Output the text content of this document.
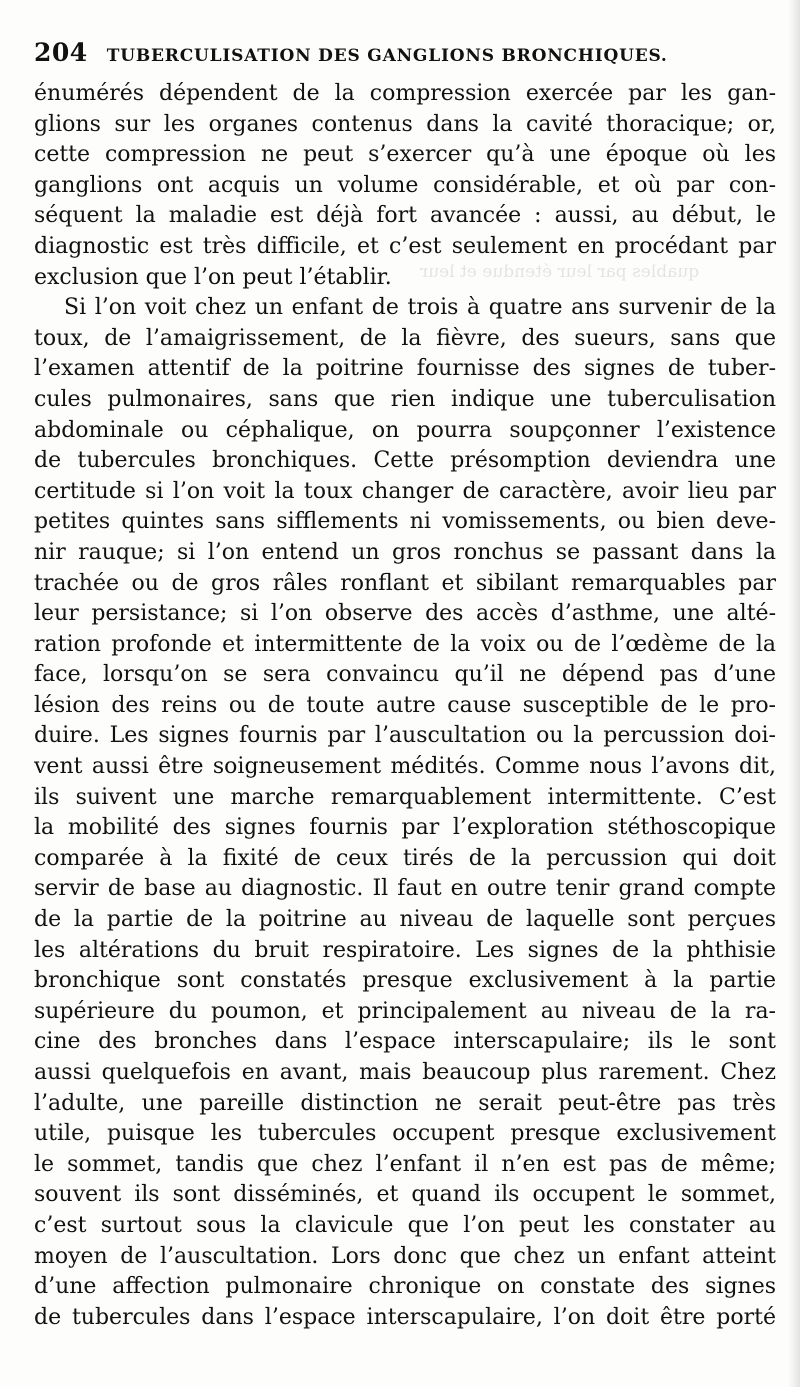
204 TUBERCULISATION DES GANGLIONS BRONCHIQUES.
quables par leur étendue et leur
énumérés dépendent de la compression exercée par les gan-
glions sur les organes contenus dans la cavité thoracique; or,
cette compression ne peut s’exercer qu’à une époque où les
ganglions ont acquis un volume considérable, et où par con-
séquent la maladie est déjà fort avancée : aussi, au début, le
diagnostic est très difficile, et c’est seulement en procédant par
exclusion que l’on peut l’établir.
Si l’on voit chez un enfant de trois à quatre ans survenir de la
toux, de l’amaigrissement, de la fièvre, des sueurs, sans que
l’examen attentif de la poitrine fournisse des signes de tuber-
cules pulmonaires, sans que rien indique une tuberculisation
abdominale ou céphalique, on pourra soupçonner l’existence
de tubercules bronchiques. Cette présomption deviendra une
certitude si l’on voit la toux changer de caractère, avoir lieu par
petites quintes sans sifflements ni vomissements, ou bien deve-
nir rauque; si l’on entend un gros ronchus se passant dans la
trachée ou de gros râles ronflant et sibilant remarquables par
leur persistance; si l’on observe des accès d’asthme, une alté-
ration profonde et intermittente de la voix ou de l’œdème de la
face, lorsqu’on se sera convaincu qu’il ne dépend pas d’une
lésion des reins ou de toute autre cause susceptible de le pro-
duire. Les signes fournis par l’auscultation ou la percussion doi-
vent aussi être soigneusement médités. Comme nous l’avons dit,
ils suivent une marche remarquablement intermittente. C’est
la mobilité des signes fournis par l’exploration stéthoscopique
comparée à la fixité de ceux tirés de la percussion qui doit
servir de base au diagnostic. Il faut en outre tenir grand compte
de la partie de la poitrine au niveau de laquelle sont perçues
les altérations du bruit respiratoire. Les signes de la phthisie
bronchique sont constatés presque exclusivement à la partie
supérieure du poumon, et principalement au niveau de la ra-
cine des bronches dans l’espace interscapulaire; ils le sont
aussi quelquefois en avant, mais beaucoup plus rarement. Chez
l’adulte, une pareille distinction ne serait peut-être pas très
utile, puisque les tubercules occupent presque exclusivement
le sommet, tandis que chez l’enfant il n’en est pas de même;
souvent ils sont disséminés, et quand ils occupent le sommet,
c’est surtout sous la clavicule que l’on peut les constater au
moyen de l’auscultation. Lors donc que chez un enfant atteint
d’une affection pulmonaire chronique on constate des signes
de tubercules dans l’espace interscapulaire, l’on doit être porté
